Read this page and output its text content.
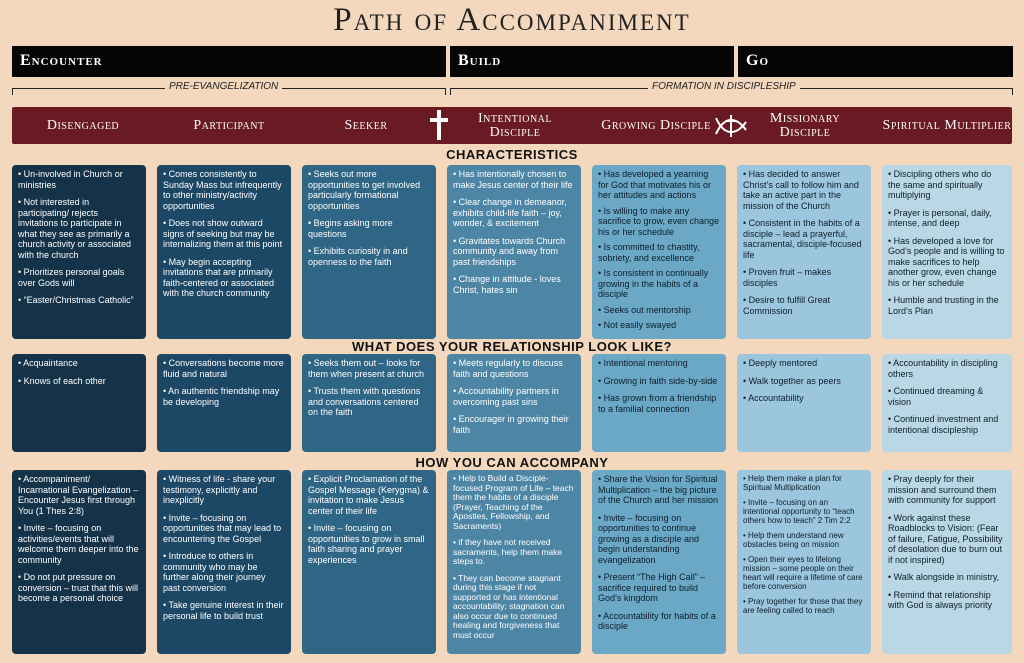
Path of Accompaniment
Encounter	Build	Go
PRE-EVANGELIZATION	FORMATION IN DISCIPLESHIP
Disengaged	Participant	Seeker	Intentional Disciple	Growing Disciple	Missionary Disciple	Spiritual Multiplier
CHARACTERISTICS
WHAT DOES YOUR RELATIONSHIP LOOK LIKE?
HOW YOU CAN ACCOMPANY

• Un-involved in Church or ministries

• Not interested in participating/ rejects invitations to participate in what they see as primarily a church activity or associated with the church

• Prioritizes personal goals over Gods will

• “Easter/Christmas Catholic”

• Comes consistently to Sunday Mass but infrequently to other ministry/activity opportunities

• Does not show outward signs of seeking but may be internalizing them at this point

• May begin accepting invitations that are primarily faith-centered or associated with the church community

• Seeks out more opportunities to get involved particularly formational opportunities

• Begins asking more questions

• Exhibits curiosity in and openness to the faith

• Has intentionally chosen to make Jesus center of their life

• Clear change in demeanor, exhibits child-life faith – joy, wonder, & excitement

• Gravitates towards Church community and away from past friendships

• Change in attitude - loves Christ, hates sin

• Has developed a yearning for God that motivates his or her attitudes and actions

• Is willing to make any sacrifice to grow, even change his or her schedule

• Is committed to chastity, sobriety, and excellence

• Is consistent in continually growing in the habits of a disciple

• Seeks out mentorship

• Not easily swayed

• Has decided to answer Christ’s call to follow him and take an active part in the mission of the Church

• Consistent in the habits of a disciple – lead a prayerful, sacramental, disciple-focused life

• Proven fruit – makes disciples

• Desire to fulfill Great Commission

• Discipling others who do the same and spiritually multiplying

• Prayer is personal, daily, intense, and deep

• Has developed a love for God’s people and is willing to make sacrifices to help another grow, even change his or her schedule

• Humble and trusting in the Lord’s Plan

• Acquaintance

• Knows of each other

• Conversations become more fluid and natural

• An authentic friendship may be developing

• Seeks them out – looks for them when present at church

• Trusts them with questions and conversations centered on the faith

• Meets regularly to discuss faith and questions

• Accountability partners in overcoming past sins

• Encourager in growing their faith

• Intentional mentoring

• Growing in faith side-by-side

• Has grown from a friendship to a familial connection

• Deeply mentored

• Walk together as peers

• Accountability

• Accountability in discipling others

• Continued dreaming & vision

• Continued investment and intentional discipleship

• Accompaniment/ Incarnational Evangelization –Encounter Jesus first through You (1 Thes 2:8)

• Invite – focusing on activities/events that will welcome them deeper into the community

• Do not put pressure on conversion – trust that this will become a personal choice

• Witness of life - share your testimony, explicitly and inexplicitly

• Invite – focusing on opportunities that may lead to encountering the Gospel

• Introduce to others in community who may be further along their journey past conversion

• Take genuine interest in their personal life to build trust

• Explicit Proclamation of the Gospel Message (Kerygma) & invitation to make Jesus center of their life

• Invite – focusing on opportunities to grow in small faith sharing and prayer experiences

• Help to Build a Disciple-focused Program of Life – teach them the habits of a disciple (Prayer, Teaching of the Apostles, Fellowship, and Sacraments)

• if they have not received sacraments, help them make steps to.

• They can become stagnant during this stage if not supported or has intentional accountability; stagnation can also occur due to continued healing and forgiveness that must occur

• Share the Vision for Spiritual Multiplication – the big picture of the Church and her mission

• Invite – focusing on opportunities to continue growing as a disciple and begin understanding evangelization

• Present “The High Call” – sacrifice required to build God’s kingdom

• Accountability for habits of a disciple

• Help them make a plan for Spiritual Multiplication

• Invite – focusing on an intentional opportunity to “teach others how to teach” 2 Tim 2:2

• Help them understand new obstacles being on mission

• Open their eyes to lifelong mission – some people on their heart will require a lifetime of care before conversion

• Pray together for those that they are feeling called to reach

• Pray deeply for their mission and surround them with community for support

• Work against these Roadblocks to Vision: (Fear of failure, Fatigue, Possibility of desolation due to burn out if not inspired)

• Walk alongside in ministry,

• Remind that relationship with God is always priority
